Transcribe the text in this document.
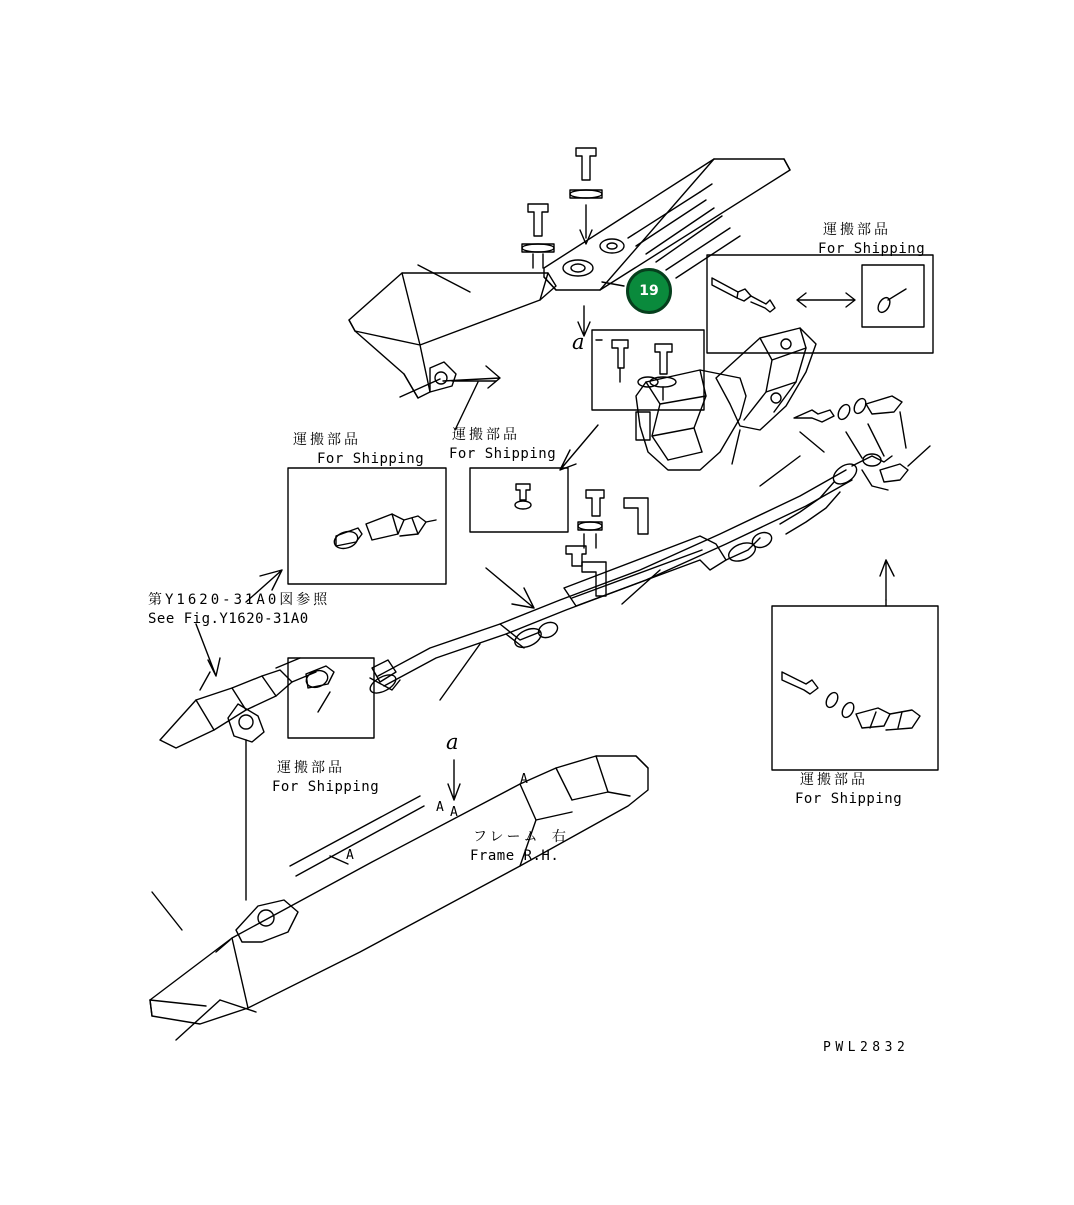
運搬部品
For Shipping
運搬部品
For Shipping
運搬部品
For Shipping
運搬部品
For Shipping	運搬部品
For Shipping
第Y1620-31A0図参照
See Fig.Y1620-31A0
フレーム 右
Frame R.H.
a
a
A A
A
A
19
PWL2832
